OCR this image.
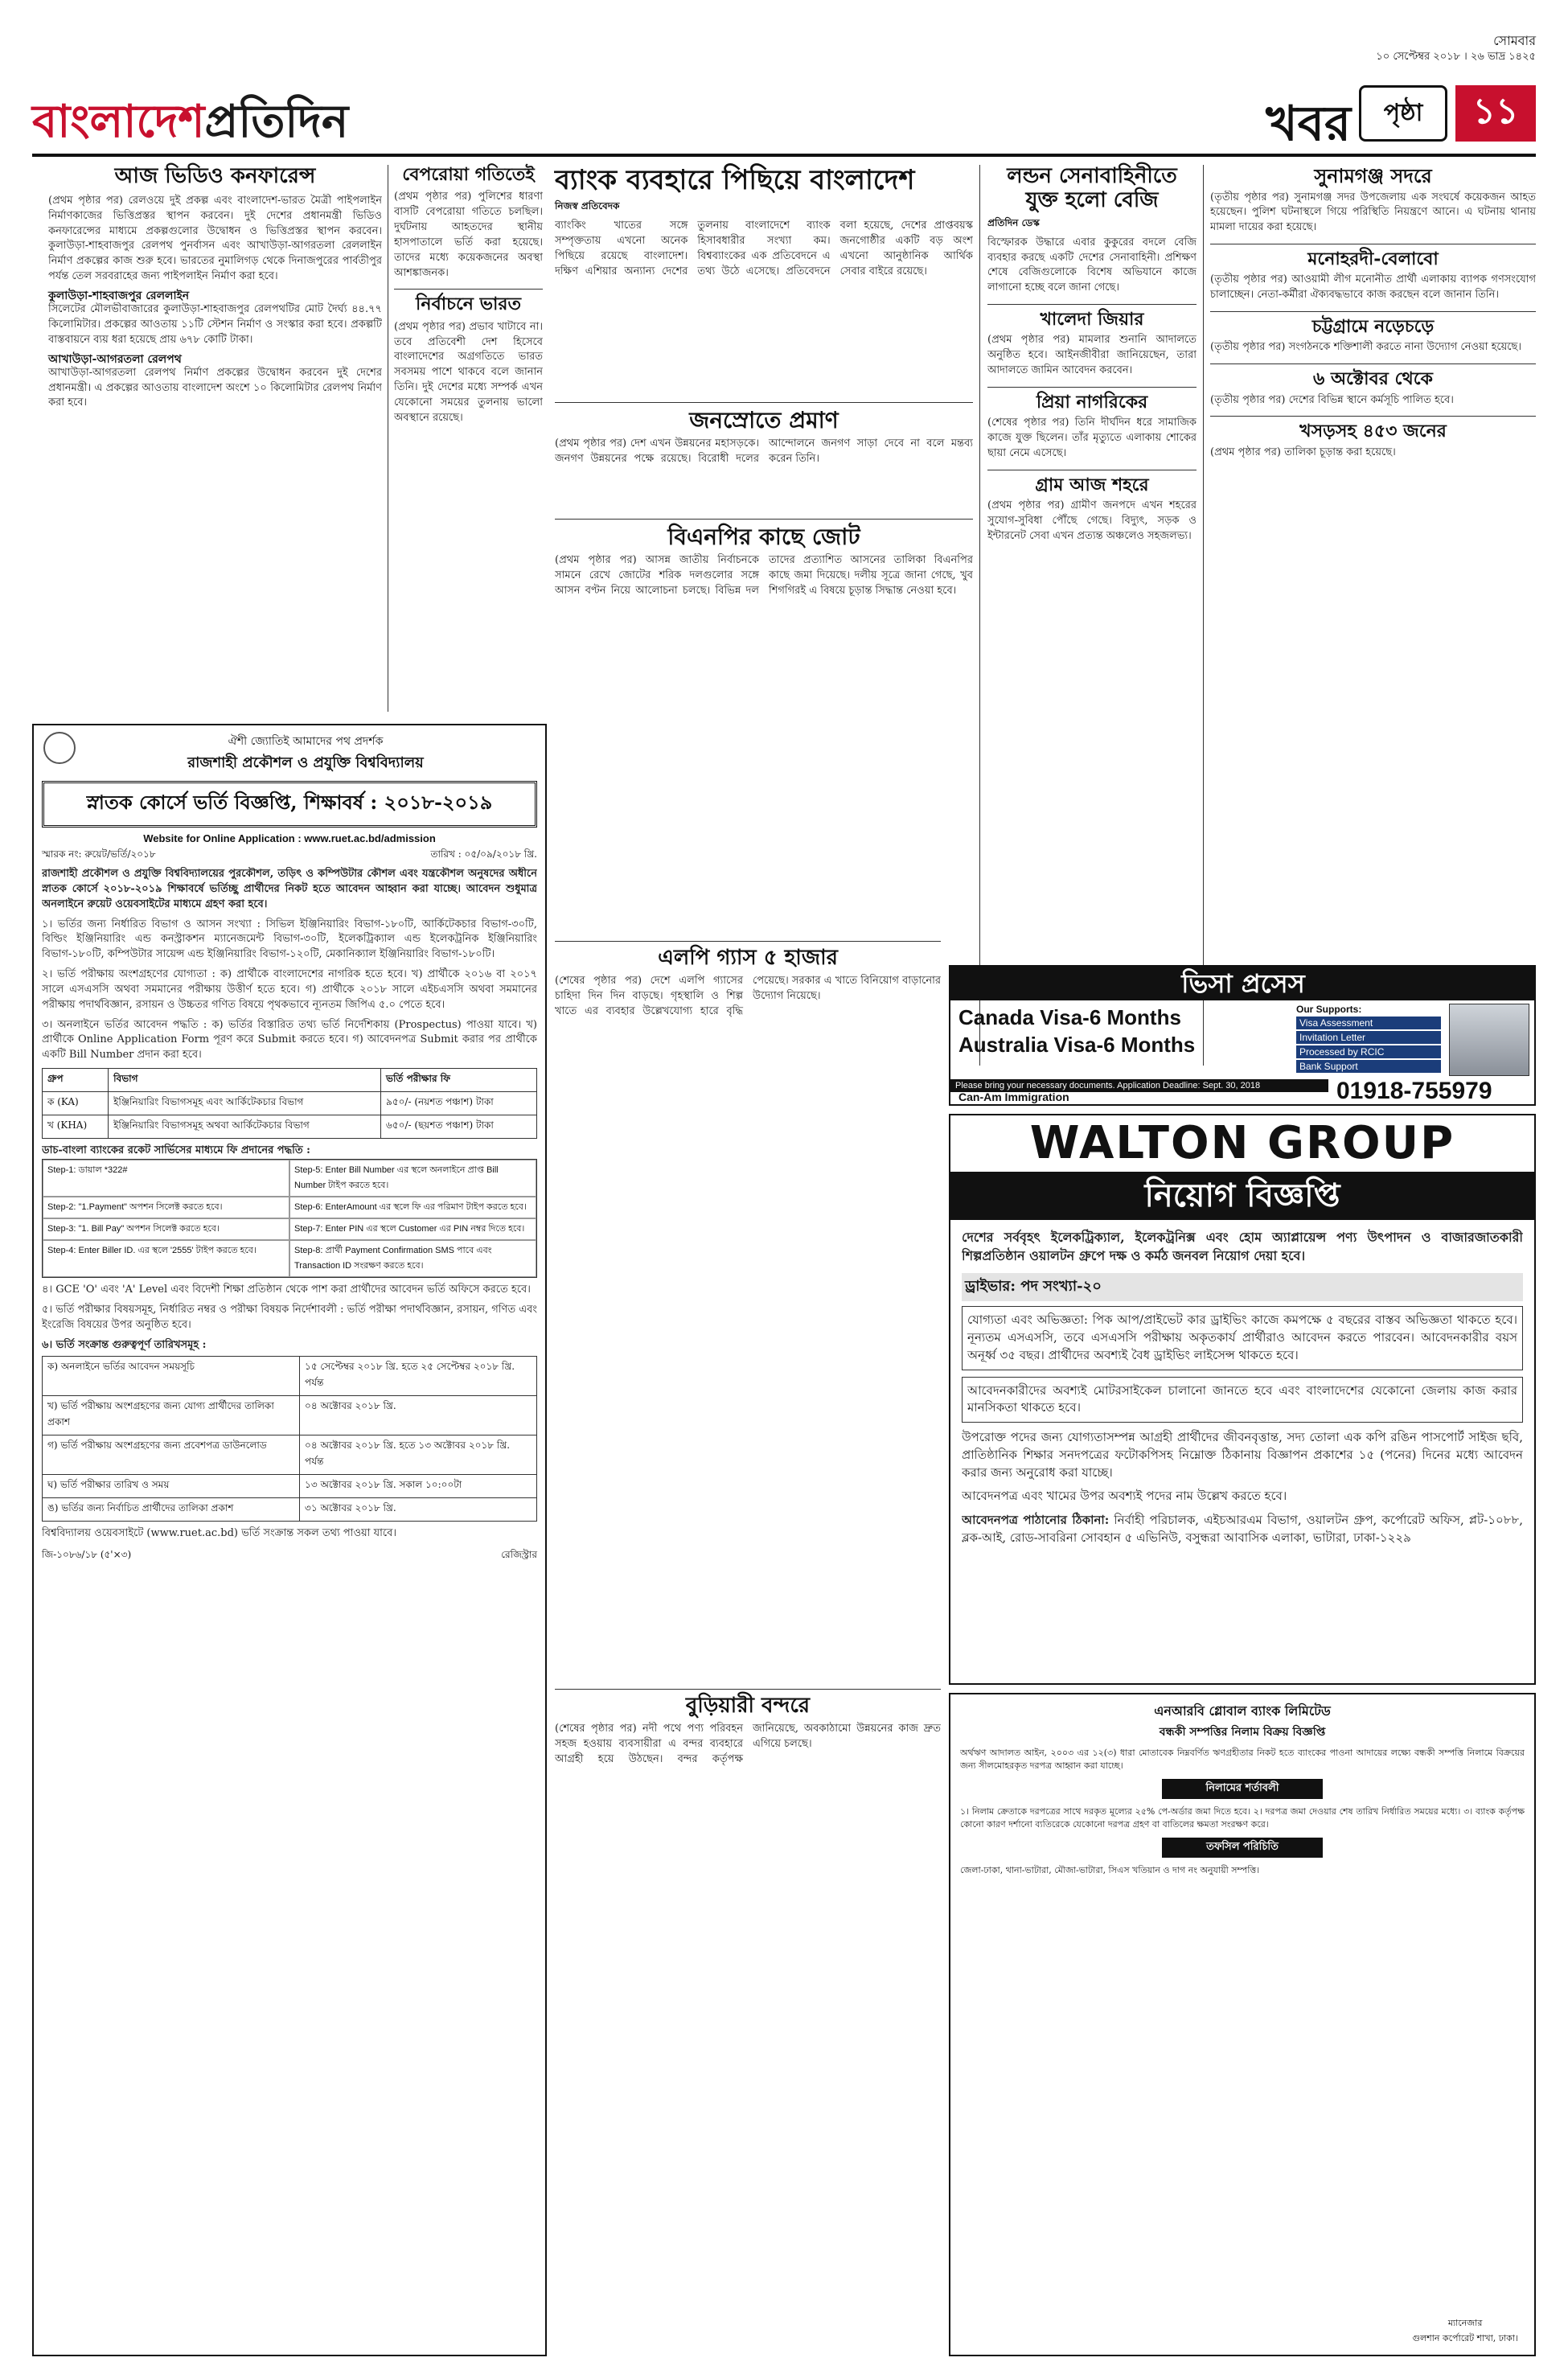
বাংলাদেশপ্রতিদিন	খবর পৃষ্ঠা	১১
সোমবার
১০ সেপ্টেম্বর ২০১৮ । ২৬ ভাদ্র ১৪২৫
আজ ভিডিও কনফারেন্স
(প্রথম পৃষ্ঠার পর) রেলওয়ে দুই প্রকল্প এবং বাংলাদেশ-ভারত মৈত্রী পাইপলাইন নির্মাণকাজের ভিত্তিপ্রস্তর স্থাপন করবেন। দুই দেশের প্রধানমন্ত্রী ভিডিও কনফারেন্সের মাধ্যমে প্রকল্পগুলোর উদ্বোধন ও ভিত্তিপ্রস্তর স্থাপন করবেন। কুলাউড়া-শাহবাজপুর রেলপথ পুনর্বাসন এবং আখাউড়া-আগরতলা রেললাইন নির্মাণ প্রকল্পের কাজ শুরু হবে। ভারতের নুমালিগড় থেকে দিনাজপুরের পার্বতীপুর পর্যন্ত তেল সরবরাহের জন্য পাইপলাইন নির্মাণ করা হবে।
কুলাউড়া-শাহবাজপুর রেললাইন
সিলেটের মৌলভীবাজারের কুলাউড়া-শাহবাজপুর রেলপথটির মোট দৈর্ঘ্য ৪৪.৭৭ কিলোমিটার। প্রকল্পের আওতায় ১১টি স্টেশন নির্মাণ ও সংস্কার করা হবে। প্রকল্পটি বাস্তবায়নে ব্যয় ধরা হয়েছে প্রায় ৬৭৮ কোটি টাকা।
আখাউড়া-আগরতলা রেলপথ
আখাউড়া-আগরতলা রেলপথ নির্মাণ প্রকল্পের উদ্বোধন করবেন দুই দেশের প্রধানমন্ত্রী। এ প্রকল্পের আওতায় বাংলাদেশ অংশে ১০ কিলোমিটার রেলপথ নির্মাণ করা হবে।
বেপরোয়া গতিতেই
(প্রথম পৃষ্ঠার পর) পুলিশের ধারণা বাসটি বেপরোয়া গতিতে চলছিল। দুর্ঘটনায় আহতদের স্থানীয় হাসপাতালে ভর্তি করা হয়েছে। তাদের মধ্যে কয়েকজনের অবস্থা আশঙ্কাজনক।
নির্বাচনে ভারত
(প্রথম পৃষ্ঠার পর) প্রভাব খাটাবে না। তবে প্রতিবেশী দেশ হিসেবে বাংলাদেশের অগ্রগতিতে ভারত সবসময় পাশে থাকবে বলে জানান তিনি। দুই দেশের মধ্যে সম্পর্ক এখন যেকোনো সময়ের তুলনায় ভালো অবস্থানে রয়েছে।
ব্যাংক ব্যবহারে পিছিয়ে বাংলাদেশ
নিজস্ব প্রতিবেদক
ব্যাংকিং খাতের সঙ্গে সম্পৃক্ততায় এখনো অনেক পিছিয়ে রয়েছে বাংলাদেশ। দক্ষিণ এশিয়ার অন্যান্য দেশের তুলনায় বাংলাদেশে ব্যাংক হিসাবধারীর সংখ্যা কম। বিশ্বব্যাংকের এক প্রতিবেদনে এ তথ্য উঠে এসেছে। প্রতিবেদনে বলা হয়েছে, দেশের প্রাপ্তবয়স্ক জনগোষ্ঠীর একটি বড় অংশ এখনো আনুষ্ঠানিক আর্থিক সেবার বাইরে রয়েছে।
জনস্রোতে প্রমাণ
(প্রথম পৃষ্ঠার পর) দেশ এখন উন্নয়নের মহাসড়কে। জনগণ উন্নয়নের পক্ষে রয়েছে। বিরোধী দলের আন্দোলনে জনগণ সাড়া দেবে না বলে মন্তব্য করেন তিনি।
বিএনপির কাছে জোট
(প্রথম পৃষ্ঠার পর) আসন্ন জাতীয় নির্বাচনকে সামনে রেখে জোটের শরিক দলগুলোর সঙ্গে আসন বণ্টন নিয়ে আলোচনা চলছে। বিভিন্ন দল তাদের প্রত্যাশিত আসনের তালিকা বিএনপির কাছে জমা দিয়েছে। দলীয় সূত্রে জানা গেছে, খুব শিগগিরই এ বিষয়ে চূড়ান্ত সিদ্ধান্ত নেওয়া হবে।
লন্ডন সেনাবাহিনীতে যুক্ত হলো বেজি
প্রতিদিন ডেস্ক
বিস্ফোরক উদ্ধারে এবার কুকুরের বদলে বেজি ব্যবহার করছে একটি দেশের সেনাবাহিনী। প্রশিক্ষণ শেষে বেজিগুলোকে বিশেষ অভিযানে কাজে লাগানো হচ্ছে বলে জানা গেছে।
খালেদা জিয়ার
(প্রথম পৃষ্ঠার পর) মামলার শুনানি আদালতে অনুষ্ঠিত হবে। আইনজীবীরা জানিয়েছেন, তারা আদালতে জামিন আবেদন করবেন।
প্রিয়া নাগরিকের
(শেষের পৃষ্ঠার পর) তিনি দীর্ঘদিন ধরে সামাজিক কাজে যুক্ত ছিলেন। তাঁর মৃত্যুতে এলাকায় শোকের ছায়া নেমে এসেছে।
গ্রাম আজ শহরে
(প্রথম পৃষ্ঠার পর) গ্রামীণ জনপদে এখন শহরের সুযোগ-সুবিধা পৌঁছে গেছে। বিদ্যুৎ, সড়ক ও ইন্টারনেট সেবা এখন প্রত্যন্ত অঞ্চলেও সহজলভ্য।
সুনামগঞ্জ সদরে
(তৃতীয় পৃষ্ঠার পর) সুনামগঞ্জ সদর উপজেলায় এক সংঘর্ষে কয়েকজন আহত হয়েছেন। পুলিশ ঘটনাস্থলে গিয়ে পরিস্থিতি নিয়ন্ত্রণে আনে। এ ঘটনায় থানায় মামলা দায়ের করা হয়েছে।
মনোহরদী-বেলাবো
(তৃতীয় পৃষ্ঠার পর) আওয়ামী লীগ মনোনীত প্রার্থী এলাকায় ব্যাপক গণসংযোগ চালাচ্ছেন। নেতা-কর্মীরা ঐক্যবদ্ধভাবে কাজ করছেন বলে জানান তিনি।
চট্টগ্রামে নড়েচড়ে
(তৃতীয় পৃষ্ঠার পর) সংগঠনকে শক্তিশালী করতে নানা উদ্যোগ নেওয়া হয়েছে।
৬ অক্টোবর থেকে
(তৃতীয় পৃষ্ঠার পর) দেশের বিভিন্ন স্থানে কর্মসূচি পালিত হবে।
খসড়সহ ৪৫৩ জনের
(প্রথম পৃষ্ঠার পর) তালিকা চূড়ান্ত করা হয়েছে।
ভিসা প্রসেস
Canada Visa-6 Months
Australia Visa-6 Months
Our Supports:
Visa Assessment
Invitation Letter
Processed by RCIC
Bank Support
Please bring your necessary documents. Application Deadline: Sept. 30, 2018
Can-Am Immigration	01918-755979
ঐশী জ্যোতিই আমাদের পথ প্রদর্শক
রাজশাহী প্রকৌশল ও প্রযুক্তি বিশ্ববিদ্যালয়
স্নাতক কোর্সে ভর্তি বিজ্ঞপ্তি, শিক্ষাবর্ষ : ২০১৮-২০১৯
Website for Online Application : www.ruet.ac.bd/admission
স্মারক নং: রুয়েট/ভর্তি/২০১৮	তারিখ : ০৫/০৯/২০১৮ খ্রি.
রাজশাহী প্রকৌশল ও প্রযুক্তি বিশ্ববিদ্যালয়ের পুরকৌশল, তড়িৎ ও কম্পিউটার কৌশল এবং যন্ত্রকৌশল অনুষদের অধীনে স্নাতক কোর্সে ২০১৮-২০১৯ শিক্ষাবর্ষে ভর্তিচ্ছু প্রার্থীদের নিকট হতে আবেদন আহ্বান করা যাচ্ছে। আবেদন শুধুমাত্র অনলাইনে রুয়েট ওয়েবসাইটের মাধ্যমে গ্রহণ করা হবে।
১। ভর্তির জন্য নির্ধারিত বিভাগ ও আসন সংখ্যা : সিভিল ইঞ্জিনিয়ারিং বিভাগ-১৮০টি, আর্কিটেকচার বিভাগ-৩০টি, বিল্ডিং ইঞ্জিনিয়ারিং এন্ড কনস্ট্রাকশন ম্যানেজমেন্ট বিভাগ-৩০টি, ইলেকট্রিক্যাল এন্ড ইলেকট্রনিক ইঞ্জিনিয়ারিং বিভাগ-১৮০টি, কম্পিউটার সায়েন্স এন্ড ইঞ্জিনিয়ারিং বিভাগ-১২০টি, মেকানিক্যাল ইঞ্জিনিয়ারিং বিভাগ-১৮০টি।
২। ভর্তি পরীক্ষায় অংশগ্রহণের যোগ্যতা : ক) প্রার্থীকে বাংলাদেশের নাগরিক হতে হবে। খ) প্রার্থীকে ২০১৬ বা ২০১৭ সালে এসএসসি অথবা সমমানের পরীক্ষায় উত্তীর্ণ হতে হবে। গ) প্রার্থীকে ২০১৮ সালে এইচএসসি অথবা সমমানের পরীক্ষায় পদার্থবিজ্ঞান, রসায়ন ও উচ্চতর গণিত বিষয়ে পৃথকভাবে ন্যূনতম জিপিএ ৫.০ পেতে হবে।
৩। অনলাইনে ভর্তির আবেদন পদ্ধতি : ক) ভর্তির বিস্তারিত তথ্য ভর্তি নির্দেশিকায় (Prospectus) পাওয়া যাবে। খ) প্রার্থীকে Online Application Form পূরণ করে Submit করতে হবে। গ) আবেদনপত্র Submit করার পর প্রার্থীকে একটি Bill Number প্রদান করা হবে।
গ্রুপ	বিভাগ	ভর্তি পরীক্ষার ফি
ক (KA)	ইঞ্জিনিয়ারিং বিভাগসমূহ এবং আর্কিটেকচার বিভাগ	৯৫০/- (নয়শত পঞ্চাশ) টাকা
খ (KHA)	ইঞ্জিনিয়ারিং বিভাগসমূহ অথবা আর্কিটেকচার বিভাগ	৬৫০/- (ছয়শত পঞ্চাশ) টাকা
ডাচ-বাংলা ব্যাংকের রকেট সার্ভিসের মাধ্যমে ফি প্রদানের পদ্ধতি :
Step-1: ডায়াল *322#	Step-5: Enter Bill Number এর স্থলে অনলাইনে প্রাপ্ত Bill Number টাইপ করতে হবে।
Step-2: "1.Payment" অপশন সিলেক্ট করতে হবে।	Step-6: EnterAmount এর স্থলে ফি এর পরিমাণ টাইপ করতে হবে।
Step-3: "1. Bill Pay" অপশন সিলেক্ট করতে হবে।	Step-7: Enter PIN এর স্থলে Customer এর PIN নম্বর দিতে হবে।
Step-4: Enter Biller ID. এর স্থলে '2555' টাইপ করতে হবে।	Step-8: প্রার্থী Payment Confirmation SMS পাবে এবং Transaction ID সংরক্ষণ করতে হবে।
৪। GCE 'O' এবং 'A' Level এবং বিদেশী শিক্ষা প্রতিষ্ঠান থেকে পাশ করা প্রার্থীদের আবেদন ভর্তি অফিসে করতে হবে।
৫। ভর্তি পরীক্ষার বিষয়সমূহ, নির্ধারিত নম্বর ও পরীক্ষা বিষয়ক নির্দেশাবলী : ভর্তি পরীক্ষা পদার্থবিজ্ঞান, রসায়ন, গণিত এবং ইংরেজি বিষয়ের উপর অনুষ্ঠিত হবে।
৬। ভর্তি সংক্রান্ত গুরুত্বপূর্ণ তারিখসমূহ :
ক) অনলাইনে ভর্তির আবেদন সময়সূচি	১৫ সেপ্টেম্বর ২০১৮ খ্রি. হতে ২৫ সেপ্টেম্বর ২০১৮ খ্রি. পর্যন্ত
খ) ভর্তি পরীক্ষায় অংশগ্রহণের জন্য যোগ্য প্রার্থীদের তালিকা প্রকাশ	০৪ অক্টোবর ২০১৮ খ্রি.
গ) ভর্তি পরীক্ষায় অংশগ্রহণের জন্য প্রবেশপত্র ডাউনলোড	০৪ অক্টোবর ২০১৮ খ্রি. হতে ১৩ অক্টোবর ২০১৮ খ্রি. পর্যন্ত
ঘ) ভর্তি পরীক্ষার তারিখ ও সময়	১৩ অক্টোবর ২০১৮ খ্রি. সকাল ১০:০০টা
ঙ) ভর্তির জন্য নির্বাচিত প্রার্থীদের তালিকা প্রকাশ	৩১ অক্টোবর ২০১৮ খ্রি.
বিশ্ববিদ্যালয় ওয়েবসাইটে (www.ruet.ac.bd) ভর্তি সংক্রান্ত সকল তথ্য পাওয়া যাবে।
জি-১০৮৬/১৮ (৫'×৩)	রেজিস্ট্রার
এলপি গ্যাস ৫ হাজার
(শেষের পৃষ্ঠার পর) দেশে এলপি গ্যাসের চাহিদা দিন দিন বাড়ছে। গৃহস্থালি ও শিল্প খাতে এর ব্যবহার উল্লেখযোগ্য হারে বৃদ্ধি পেয়েছে। সরকার এ খাতে বিনিয়োগ বাড়ানোর উদ্যোগ নিয়েছে।
WALTON GROUP
নিয়োগ বিজ্ঞপ্তি
দেশের সর্ববৃহৎ ইলেকট্রিক্যাল, ইলেকট্রনিক্স এবং হোম অ্যাপ্লায়েন্স পণ্য উৎপাদন ও বাজারজাতকারী শিল্পপ্রতিষ্ঠান ওয়ালটন গ্রুপে দক্ষ ও কর্মঠ জনবল নিয়োগ দেয়া হবে।
ড্রাইভার: পদ সংখ্যা-২০
যোগ্যতা এবং অভিজ্ঞতা: পিক আপ/প্রাইভেট কার ড্রাইভিং কাজে কমপক্ষে ৫ বছরের বাস্তব অভিজ্ঞতা থাকতে হবে। নূন্যতম এসএসসি, তবে এসএসসি পরীক্ষায় অকৃতকার্য প্রার্থীরাও আবেদন করতে পারবেন। আবেদনকারীর বয়স অনূর্ধ্ব ৩৫ বছর। প্রার্থীদের অবশ্যই বৈধ ড্রাইভিং লাইসেন্স থাকতে হবে।
আবেদনকারীদের অবশ্যই মোটরসাইকেল চালানো জানতে হবে এবং বাংলাদেশের যেকোনো জেলায় কাজ করার মানসিকতা থাকতে হবে।
উপরোক্ত পদের জন্য যোগ্যতাসম্পন্ন আগ্রহী প্রার্থীদের জীবনবৃত্তান্ত, সদ্য তোলা এক কপি রঙিন পাসপোর্ট সাইজ ছবি, প্রাতিষ্ঠানিক শিক্ষার সনদপত্রের ফটোকপিসহ নিম্নোক্ত ঠিকানায় বিজ্ঞাপন প্রকাশের ১৫ (পনের) দিনের মধ্যে আবেদন করার জন্য অনুরোধ করা যাচ্ছে।
আবেদনপত্র এবং খামের উপর অবশ্যই পদের নাম উল্লেখ করতে হবে।
আবেদনপত্র পাঠানোর ঠিকানা: নির্বাহী পরিচালক, এইচআরএম বিভাগ, ওয়ালটন গ্রুপ, কর্পোরেট অফিস, প্লট-১০৮৮, ব্লক-আই, রোড-সাবরিনা সোবহান ৫ এভিনিউ, বসুন্ধরা আবাসিক এলাকা, ভাটারা, ঢাকা-১২২৯
বুড়িয়ারী বন্দরে
(শেষের পৃষ্ঠার পর) নদী পথে পণ্য পরিবহন সহজ হওয়ায় ব্যবসায়ীরা এ বন্দর ব্যবহারে আগ্রহী হয়ে উঠছেন। বন্দর কর্তৃপক্ষ জানিয়েছে, অবকাঠামো উন্নয়নের কাজ দ্রুত এগিয়ে চলছে।
এনআরবি গ্লোবাল ব্যাংক লিমিটেড
বন্ধকী সম্পত্তির নিলাম বিক্রয় বিজ্ঞপ্তি
অর্থঋণ আদালত আইন, ২০০৩ এর ১২(৩) ধারা মোতাবেক নিম্নবর্ণিত ঋণগ্রহীতার নিকট হতে ব্যাংকের পাওনা আদায়ের লক্ষ্যে বন্ধকী সম্পত্তি নিলামে বিক্রয়ের জন্য সীলমোহরকৃত দরপত্র আহ্বান করা যাচ্ছে।
নিলামের শর্তাবলী
১। নিলাম ক্রেতাকে দরপত্রের সাথে দরকৃত মূল্যের ২৫% পে-অর্ডার জমা দিতে হবে। ২। দরপত্র জমা দেওয়ার শেষ তারিখ নির্ধারিত সময়ের মধ্যে। ৩। ব্যাংক কর্তৃপক্ষ কোনো কারণ দর্শানো ব্যতিরেকে যেকোনো দরপত্র গ্রহণ বা বাতিলের ক্ষমতা সংরক্ষণ করে।
তফসিল পরিচিতি
জেলা-ঢাকা, থানা-ভাটারা, মৌজা-ভাটারা, সিএস খতিয়ান ও দাগ নং অনুযায়ী সম্পত্তি।
ম্যানেজার
গুলশান কর্পোরেট শাখা, ঢাকা।
